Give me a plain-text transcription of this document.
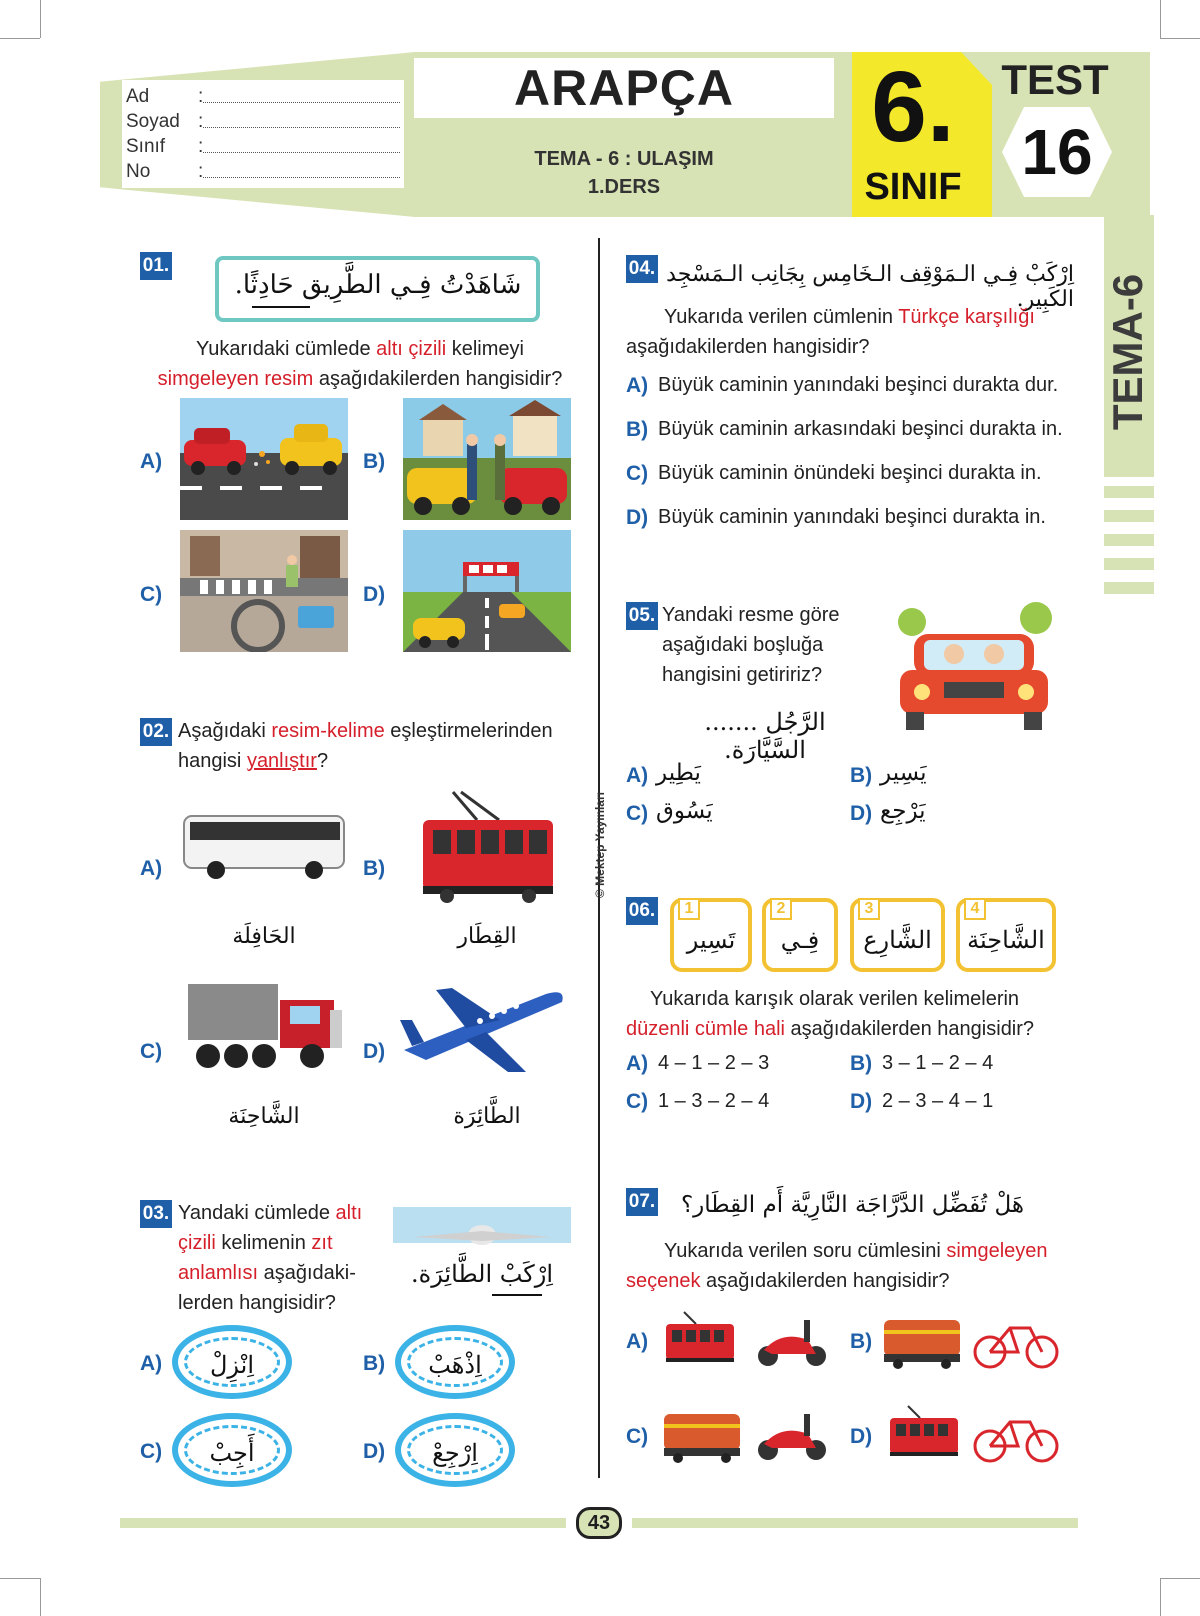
Ad	:
Soyad :
Sınıf	:
No	:
ARAPÇA
TEMA - 6 : ULAŞIM
1.DERS
6.
SINIF
TEST
16
TEMA-6
© Mektep Yayınları
01.
شَاهَدْتُ فِـي الطَّرِيق حَادِثًا.
Yukarıdaki cümlede altı çizili kelimeyi
simgeleyen resim aşağıdakilerden hangisidir?
A)	B)
C)	D)
02. Aşağıdaki resim-kelime eşleştirmelerinden
hangisi yanlıştır?
A)	B)
C)	D)
الحَافِلَة	القِطَار
الشَّاحِنَة	الطَّائِرَة
03. Yandaki cümlede altı
çizili kelimenin zıt
anlamlısı aşağıdaki-
lerden hangisidir?
اِرْكَبْ الطَّائِرَة.
A)	اِنْزِلْ	B)	اِذْهَبْ
C)	أَجِبْ	D)	اِرْجِعْ
04. اِرْكَبْ فِـي الـمَوْقِف الـخَامِس بِجَانِب الـمَسْجِد الكَبِير.
Yukarıda verilen cümlenin Türkçe karşılığı
aşağıdakilerden hangisidir?
A) Büyük caminin yanındaki beşinci durakta dur.
B) Büyük caminin arkasındaki beşinci durakta in.
C) Büyük caminin önündeki beşinci durakta in.
D) Büyük caminin yanındaki beşinci durakta in.
05. Yandaki resme göre
aşağıdaki boşluğa
hangisini getiririz?
الرَّجُل ....... السَّيَّارَة.
A) يَطِير	B) يَسِير
C) يَسُوق	D) يَرْجِع
06.	1
تَسِير
2
فِـي
3
الشَّارِع
4
الشَّاحِنَة
Yukarıda karışık olarak verilen kelimelerin
düzenli cümle hali aşağıdakilerden hangisidir?
A) 4 – 1 – 2 – 3	B) 3 – 1 – 2 – 4
C) 1 – 3 – 2 – 4	D) 2 – 3 – 4 – 1
07.	هَلْ تُفَضِّل الدَّرَّاجَة النَّارِيَّة أَم القِطَار؟
Yukarıda verilen soru cümlesini simgeleyen
seçenek aşağıdakilerden hangisidir?
A)	B)
C)	D)
43
